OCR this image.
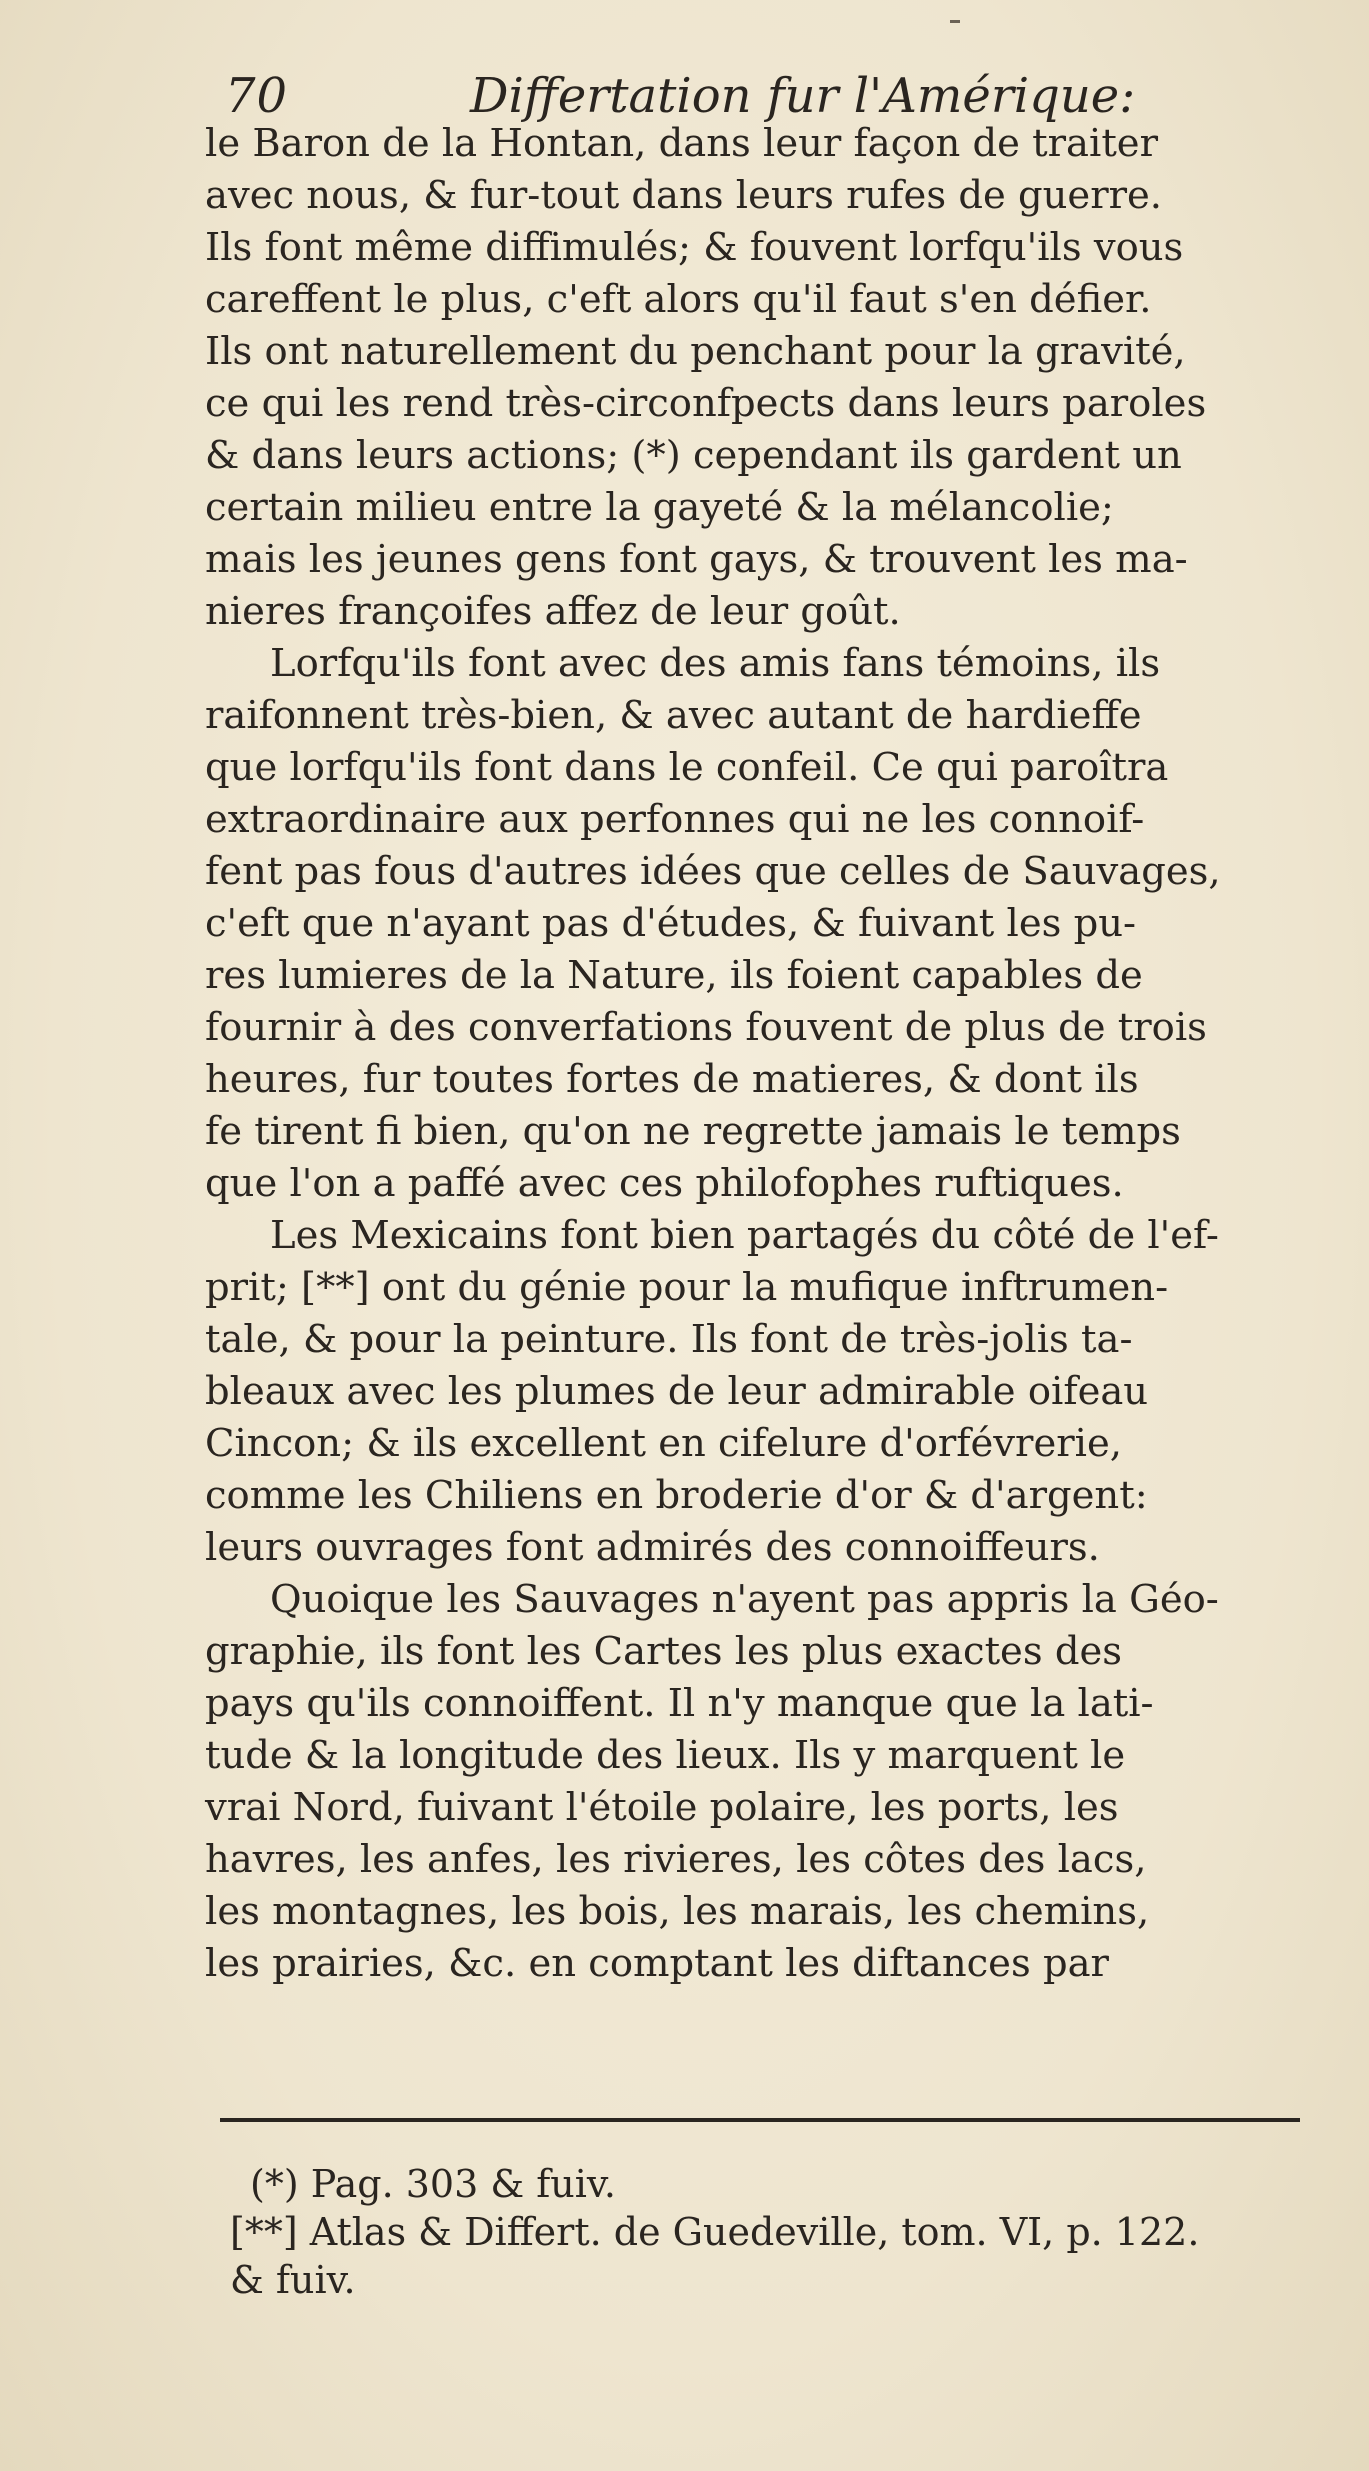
70	Differtation fur l'Amérique:
le Baron de la Hontan, dans leur façon de traiter
avec nous, & fur-tout dans leurs rufes de guerre.
Ils font même diffimulés; & fouvent lorfqu'ils vous
careffent le plus, c'eft alors qu'il faut s'en défier.
Ils ont naturellement du penchant pour la gravité,
ce qui les rend très-circonfpects dans leurs paroles
& dans leurs actions; (*) cependant ils gardent un
certain milieu entre la gayeté & la mélancolie;
mais les jeunes gens font gays, & trouvent les ma-
nieres françoifes affez de leur goût.
Lorfqu'ils font avec des amis fans témoins, ils
raifonnent très-bien, & avec autant de hardieffe
que lorfqu'ils font dans le confeil. Ce qui paroîtra
extraordinaire aux perfonnes qui ne les connoif-
fent pas fous d'autres idées que celles de Sauvages,
c'eft que n'ayant pas d'études, & fuivant les pu-
res lumieres de la Nature, ils foient capables de
fournir à des converfations fouvent de plus de trois
heures, fur toutes fortes de matieres, & dont ils
fe tirent fi bien, qu'on ne regrette jamais le temps
que l'on a paffé avec ces philofophes ruftiques.
Les Mexicains font bien partagés du côté de l'ef-
prit; [**] ont du génie pour la mufique inftrumen-
tale, & pour la peinture. Ils font de très-jolis ta-
bleaux avec les plumes de leur admirable oifeau
Cincon; & ils excellent en cifelure d'orfévrerie,
comme les Chiliens en broderie d'or & d'argent:
leurs ouvrages font admirés des connoiffeurs.
Quoique les Sauvages n'ayent pas appris la Géo-
graphie, ils font les Cartes les plus exactes des
pays qu'ils connoiffent. Il n'y manque que la lati-
tude & la longitude des lieux. Ils y marquent le
vrai Nord, fuivant l'étoile polaire, les ports, les
havres, les anfes, les rivieres, les côtes des lacs,
les montagnes, les bois, les marais, les chemins,
les prairies, &c. en comptant les diftances par
(*) Pag. 303 & fuiv.
[**] Atlas & Differt. de Guedeville, tom. VI, p. 122.
& fuiv.
